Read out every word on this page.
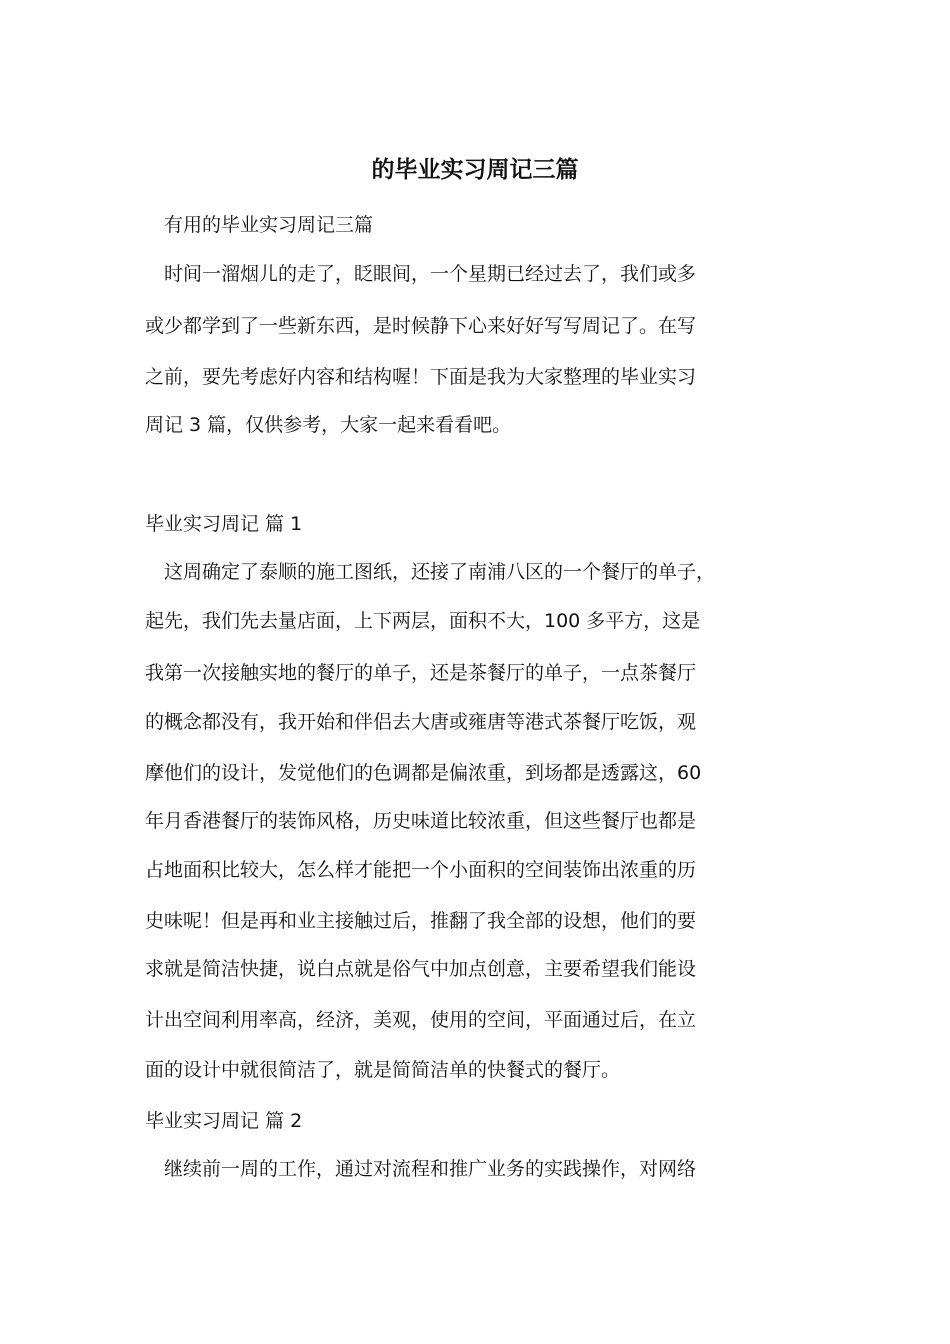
的毕业实习周记三篇

有用的毕业实习周记三篇

　时间一溜烟儿的走了，眨眼间，一个星期已经过去了，我们或多

或少都学到了一些新东西，是时候静下心来好好写写周记了。在写

之前，要先考虑好内容和结构喔！下面是我为大家整理的毕业实习

周记 3 篇，仅供参考，大家一起来看看吧。

毕业实习周记 篇 1

　这周确定了泰顺的施工图纸，还接了南浦八区的一个餐厅的单子，

起先，我们先去量店面，上下两层，面积不大，100 多平方，这是

我第一次接触实地的餐厅的单子，还是茶餐厅的单子，一点茶餐厅

的概念都没有，我开始和伴侣去大唐或雍唐等港式茶餐厅吃饭，观

摩他们的设计，发觉他们的色调都是偏浓重，到场都是透露这，60

年月香港餐厅的装饰风格，历史味道比较浓重，但这些餐厅也都是

占地面积比较大，怎么样才能把一个小面积的空间装饰出浓重的历

史味呢！但是再和业主接触过后，推翻了我全部的设想，他们的要

求就是简洁快捷，说白点就是俗气中加点创意，主要希望我们能设

计出空间利用率高，经济，美观，使用的空间，平面通过后，在立

面的设计中就很简洁了，就是简简洁单的快餐式的餐厅。

毕业实习周记 篇 2

　继续前一周的工作，通过对流程和推广业务的实践操作，对网络
